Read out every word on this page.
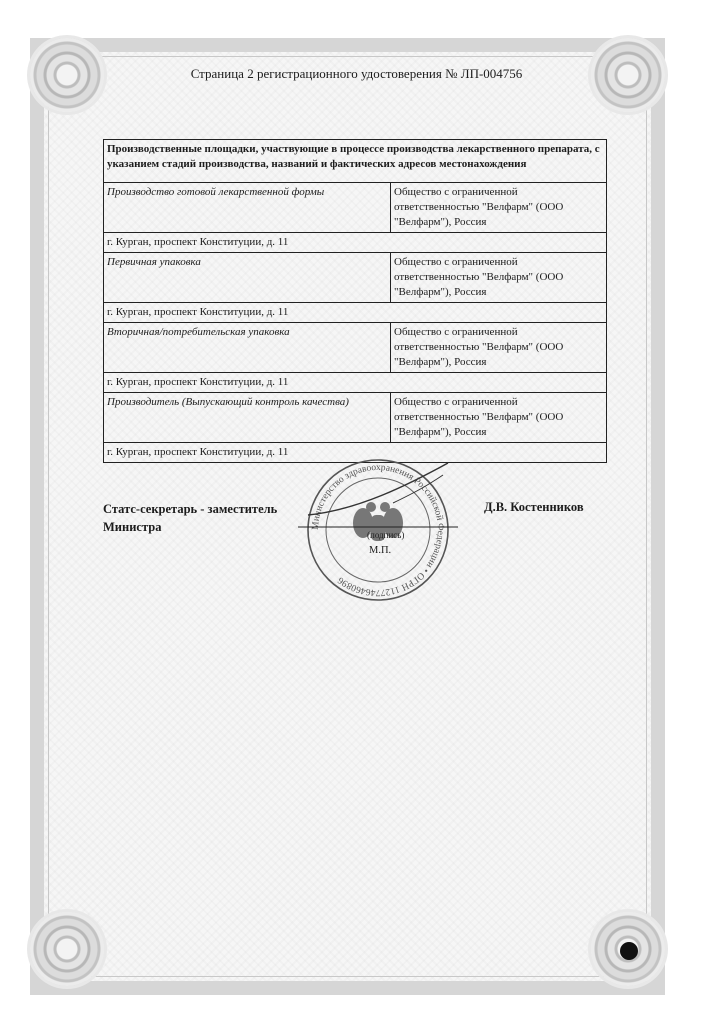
Страница 2 регистрационного удостоверения № ЛП-004756
Производственные площадки, участвующие в процессе производства лекарственного препарата, с указанием стадий производства, названий и фактических адресов местонахождения	
Производство готовой лекарственной формы	Общество с ограниченной ответственностью "Велфарм" (ООО "Велфарм"), Россия
г. Курган, проспект Конституции, д. 11	
Первичная упаковка	Общество с ограниченной ответственностью "Велфарм" (ООО "Велфарм"), Россия
г. Курган, проспект Конституции, д. 11	
Вторичная/потребительская упаковка	Общество с ограниченной ответственностью "Велфарм" (ООО "Велфарм"), Россия
г. Курган, проспект Конституции, д. 11	
Производитель (Выпускающий контроль качества)	Общество с ограниченной ответственностью "Велфарм" (ООО "Велфарм"), Россия
г. Курган, проспект Конституции, д. 11	
Министерство здравоохранения Российской Федерации • ОГРН 1127746460896
Статс-секретарь - заместитель
Министра
Д.В. Костенников
(подпись)
М.П.
